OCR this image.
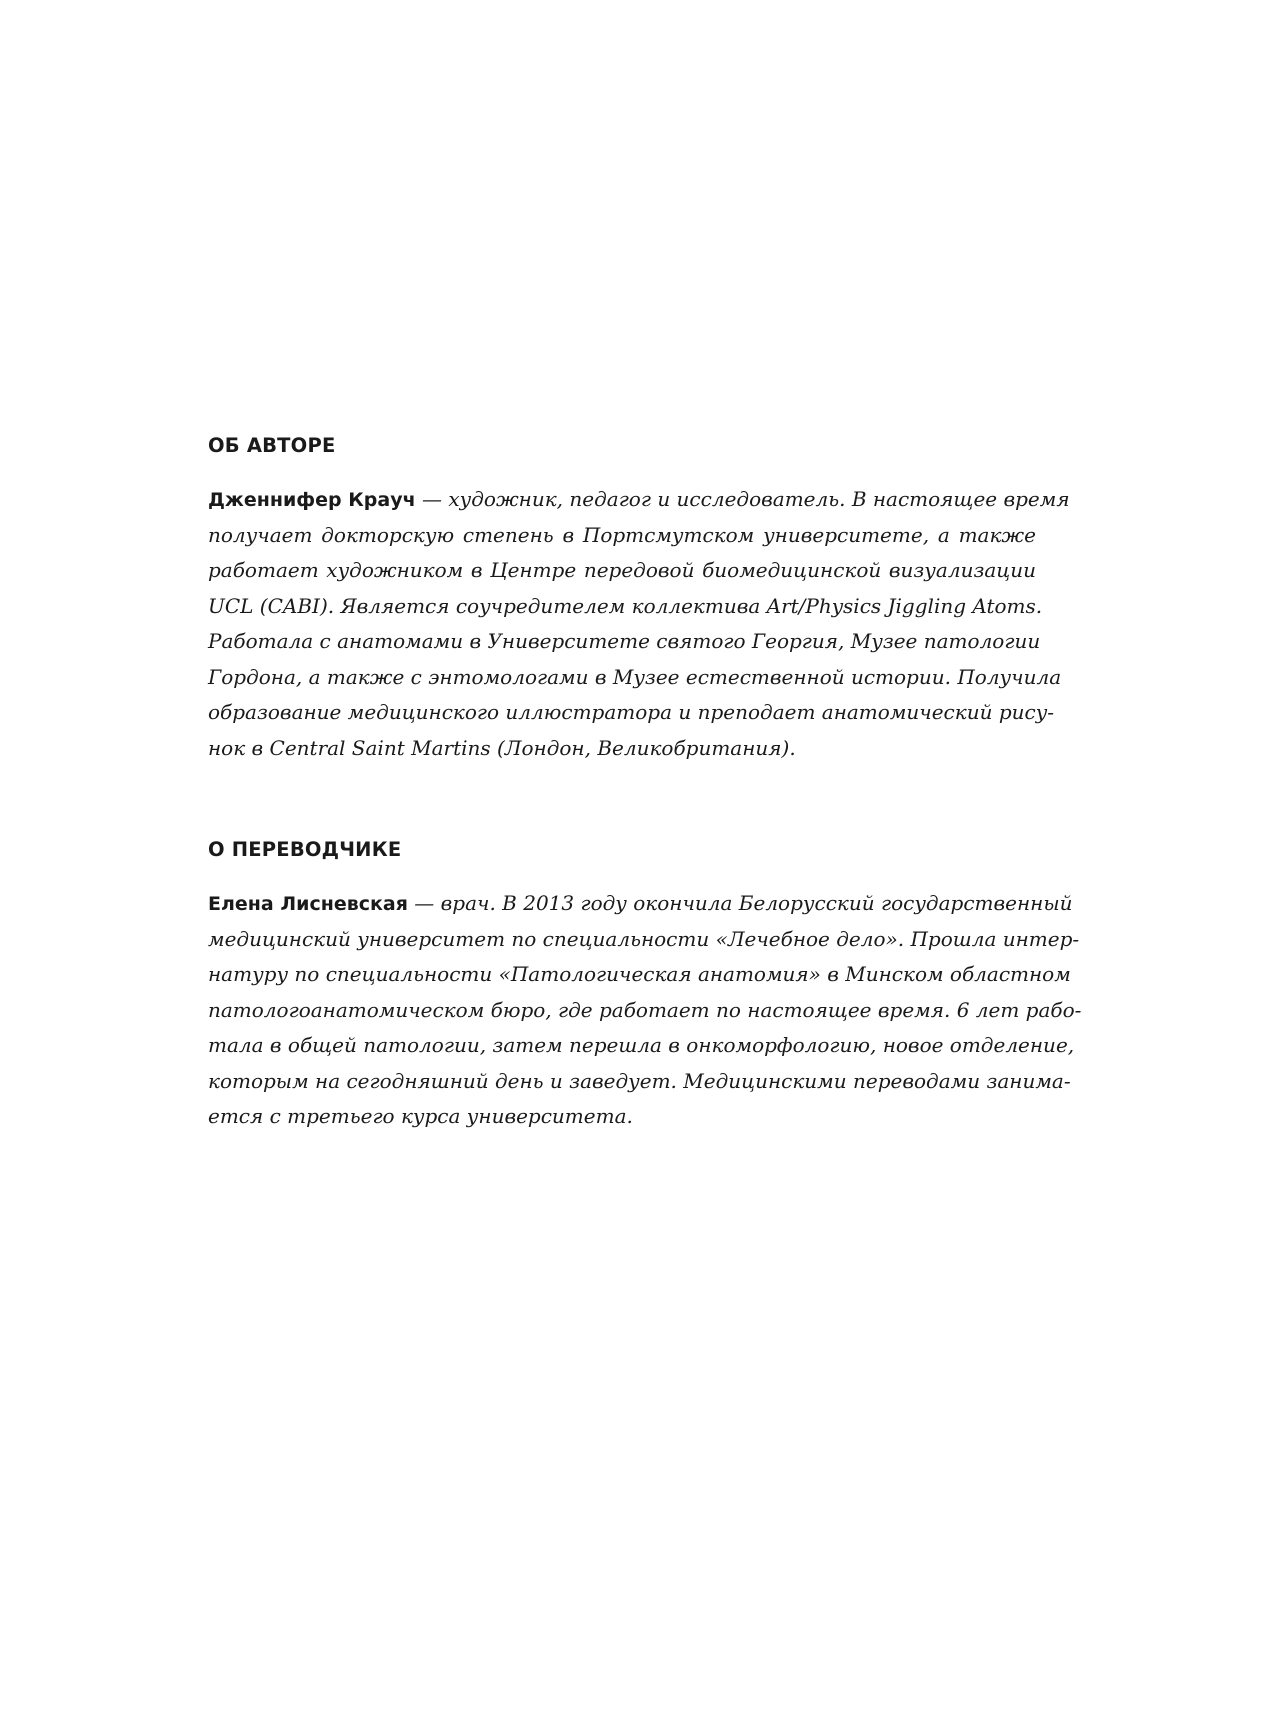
ОБ АВТОРЕ
Дженнифер Крауч — художник, педагог и исследователь. В настоящее время
получает докторскую степень в Портсмутском университете, а также
работает художником в Центре передовой биомедицинской визуализации
UCL (CABI). Является соучредителем коллектива Art/Physics Jiggling Atoms.
Работала с анатомами в Университете святого Георгия, Музее патологии
Гордона, а также с энтомологами в Музее естественной истории. Получила
образование медицинского иллюстратора и преподает анатомический рису-
нок в Central Saint Martins (Лондон, Великобритания).
О ПЕРЕВОДЧИКЕ
Елена Лисневская — врач. В 2013 году окончила Белорусский государственный
медицинский университет по специальности «Лечебное дело». Прошла интер-
натуру по специальности «Патологическая анатомия» в Минском областном
патологоанатомическом бюро, где работает по настоящее время. 6 лет рабо-
тала в общей патологии, затем перешла в онкоморфологию, новое отделение,
которым на сегодняшний день и заведует. Медицинскими переводами занима-
ется с третьего курса университета.
